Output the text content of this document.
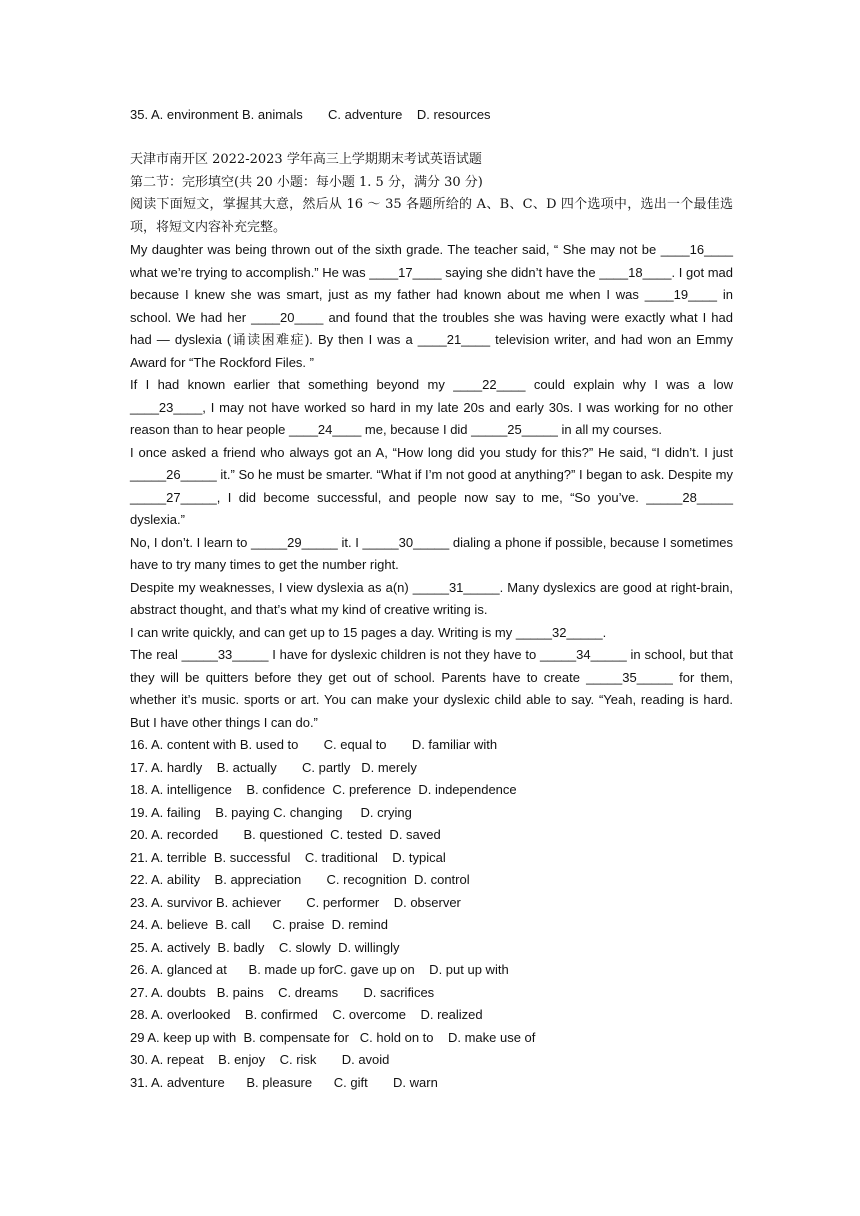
35. A. environment B. animals       C. adventure    D. resources
天津市南开区 2022-2023 学年高三上学期期末考试英语试题
第二节：完形填空(共 20 小题：每小题 1. 5 分，满分 30 分)
阅读下面短文，掌握其大意，然后从 16 ～ 35 各题所给的 A、B、C、D 四个选项中，选出一个最佳选项，将短文内容补充完整。
My daughter was being thrown out of the sixth grade. The teacher said, “ She may not be ____16____ what we’re trying to accomplish.” He was ____17____ saying she didn’t have the ____18____. I got mad because I knew she was smart, just as my father had known about me when I was ____19____ in school. We had her ____20____ and found that the troubles she was having were exactly what I had had — dyslexia (诵读困难症). By then I was a ____21____ television writer, and had won an Emmy Award for “The Rockford Files. ”
If I had known earlier that something beyond my ____22____ could explain why I was a low ____23____, I may not have worked so hard in my late 20s and early 30s. I was working for no other reason than to hear people ____24____ me, because I did _____25_____ in all my courses.
I once asked a friend who always got an A, “How long did you study for this?” He said, “I didn’t. I just _____26_____ it.” So he must be smarter. “What if I’m not good at anything?” I began to ask. Despite my _____27_____, I did become successful, and people now say to me, “So you’ve. _____28_____ dyslexia.”
No, I don’t. I learn to _____29_____ it. I _____30_____ dialing a phone if possible, because I sometimes have to try many times to get the number right.
Despite my weaknesses, I view dyslexia as a(n) _____31_____. Many dyslexics are good at right-brain, abstract thought, and that’s what my kind of creative writing is.
I can write quickly, and can get up to 15 pages a day. Writing is my _____32_____.
The real _____33_____ I have for dyslexic children is not they have to _____34_____ in school, but that they will be quitters before they get out of school. Parents have to create _____35_____ for them, whether it’s music. sports or art. You can make your dyslexic child able to say. “Yeah, reading is hard. But I have other things I can do.”
16. A. content with B. used to       C. equal to       D. familiar with
17. A. hardly    B. actually       C. partly   D. merely
18. A. intelligence    B. confidence  C. preference  D. independence
19. A. failing    B. paying C. changing     D. crying
20. A. recorded       B. questioned  C. tested  D. saved
21. A. terrible  B. successful    C. traditional    D. typical
22. A. ability    B. appreciation       C. recognition  D. control
23. A. survivor B. achiever       C. performer    D. observer
24. A. believe  B. call      C. praise  D. remind
25. A. actively  B. badly    C. slowly  D. willingly
26. A. glanced at      B. made up forC. gave up on    D. put up with
27. A. doubts   B. pains    C. dreams       D. sacrifices
28. A. overlooked    B. confirmed    C. overcome    D. realized
29 A. keep up with  B. compensate for   C. hold on to    D. make use of
30. A. repeat    B. enjoy    C. risk       D. avoid
31. A. adventure      B. pleasure      C. gift       D. warn
